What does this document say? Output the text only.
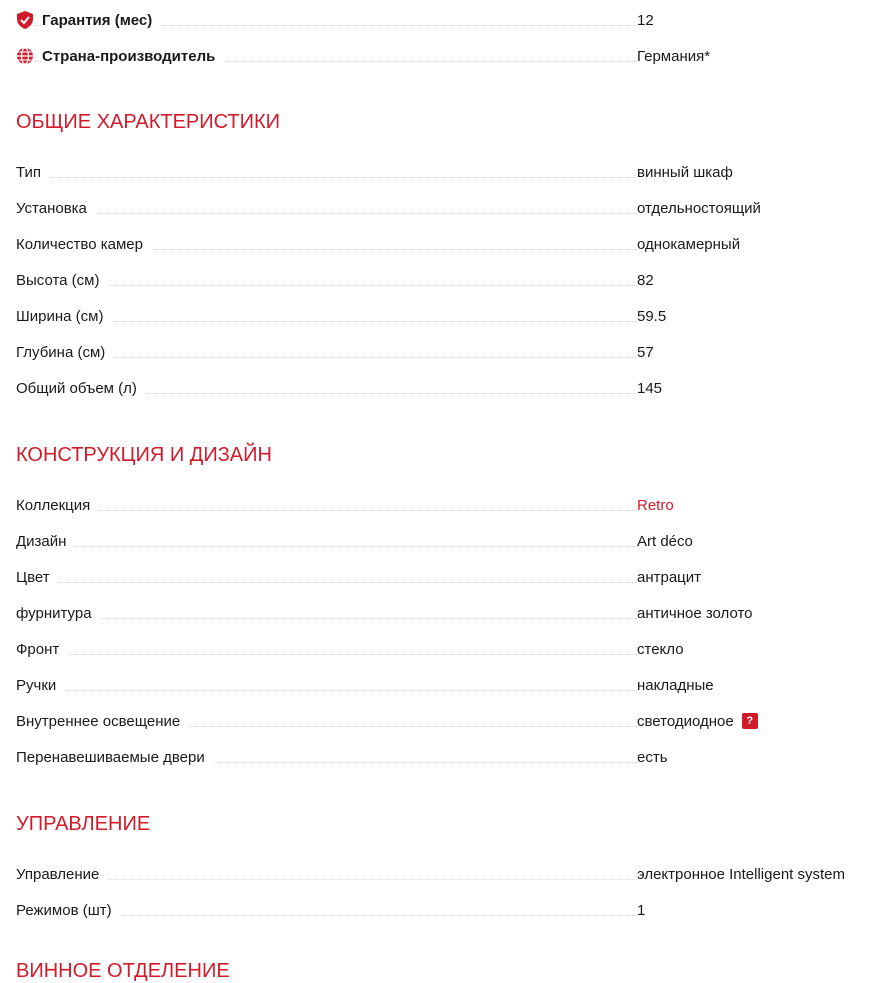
Гарантия (мес)	12
Страна-производитель	Германия*
ОБЩИЕ ХАРАКТЕРИСТИКИ
Тип	винный шкаф
Установка	отдельностоящий
Количество камер	однокамерный
Высота (см)	82
Ширина (см)	59.5
Глубина (см)	57
Общий объем (л)	145
КОНСТРУКЦИЯ И ДИЗАЙН
Коллекция	Retro
Дизайн	Art déco
Цвет	антрацит
фурнитура	античное золото
Фронт	стекло
Ручки	накладные
Внутреннее освещение	светодиодное	?
Перенавешиваемые двери	есть
УПРАВЛЕНИЕ
Управление	электронное Intelligent system
Режимов (шт)	1
ВИННОЕ ОТДЕЛЕНИЕ
